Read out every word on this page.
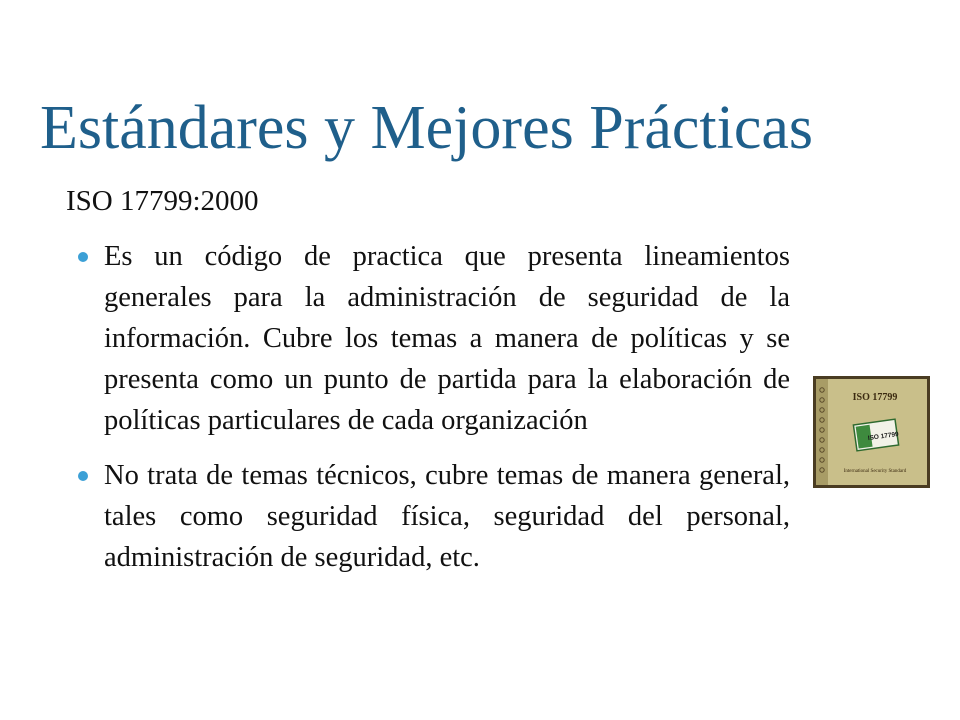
Estándares y Mejores Prácticas
ISO 17799:2000
Es un código de practica que presenta lineamientos generales para la administración de seguridad de la información. Cubre los temas a manera de políticas y se presenta como un punto de partida para la elaboración de políticas particulares de cada organización
No trata de temas técnicos, cubre temas de manera general, tales como seguridad física, seguridad del personal, administración de seguridad, etc.
ISO 17799
ISO 17799
International Security Standard
